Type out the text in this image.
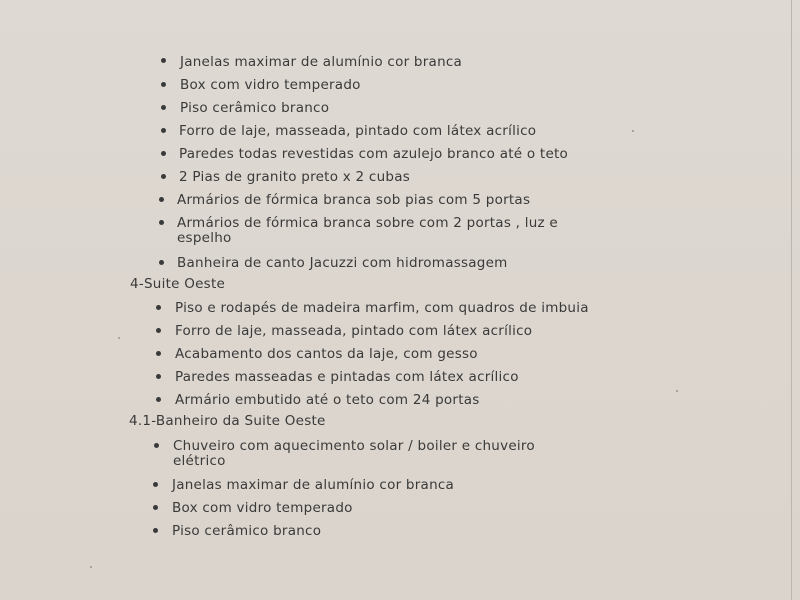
Janelas maximar de alumínio cor branca
Box com vidro temperado
Piso cerâmico branco
Forro de laje, masseada, pintado com látex acrílico
Paredes todas revestidas com azulejo branco até o teto
2 Pias de granito preto x 2 cubas
Armários de fórmica branca sob pias com 5 portas
Armários de fórmica branca sobre com 2 portas , luz e
espelho
Banheira de canto Jacuzzi com hidromassagem
4-Suite Oeste
Piso e rodapés de madeira marfim, com quadros de imbuia
Forro de laje, masseada, pintado com látex acrílico
Acabamento dos cantos da laje, com gesso
Paredes masseadas e pintadas com látex acrílico
Armário embutido até o teto com 24 portas
4.1-Banheiro da Suite Oeste
Chuveiro com aquecimento solar / boiler e chuveiro
elétrico
Janelas maximar de alumínio cor branca
Box com vidro temperado
Piso cerâmico branco
